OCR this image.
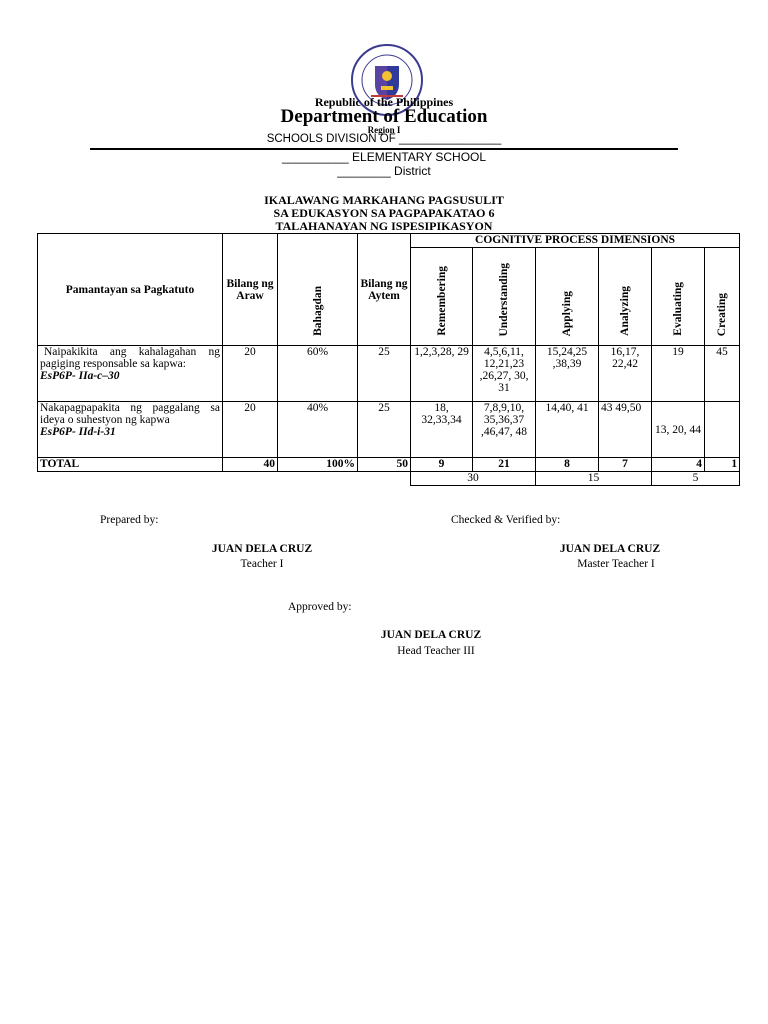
Republic of the Philippines
Department of Education
Region I
SCHOOLS DIVISION OF ________________
__________ ELEMENTARY SCHOOL
________ District
IKALAWANG MARKAHANG PAGSUSULIT
SA EDUKASYON SA PAGPAPAKATAO 6
TALAHANAYAN NG ISPESIPIKASYON
Pamantayan sa Pagkatuto	Bilang ng Araw	Bahagdan	Bilang ng Aytem	COGNITIVE PROCESS DIMENSIONS					
				Remembering	Understanding	Applying	Analyzing	Evaluating	Creating

Naipakikita ang kahalagahan ng pagiging responsable sa kapwa:
EsP6P- IIa-c–30	20	60%	25	1,2,3,28, 29	4,5,6,11, 12,21,23 ,26,27, 30, 31	15,24,25 ,38,39	16,17, 22,42	19	45

Nakapagpapakita ng paggalang sa ideya o suhestyon ng kapwa
EsP6P- IId-i-31	20	40%	25	18, 32,33,34	7,8,9,10, 35,36,37 ,46,47, 48	14,40, 41	43 49,50	13, 20, 44	
TOTAL	40	100%	50	9	21	8	7	4	1
				30		15		5	
Prepared by:	Checked & Verified by:
JUAN DELA CRUZ
Teacher I
JUAN DELA CRUZ
Master Teacher I
Approved by:
JUAN DELA CRUZ
Head Teacher III
